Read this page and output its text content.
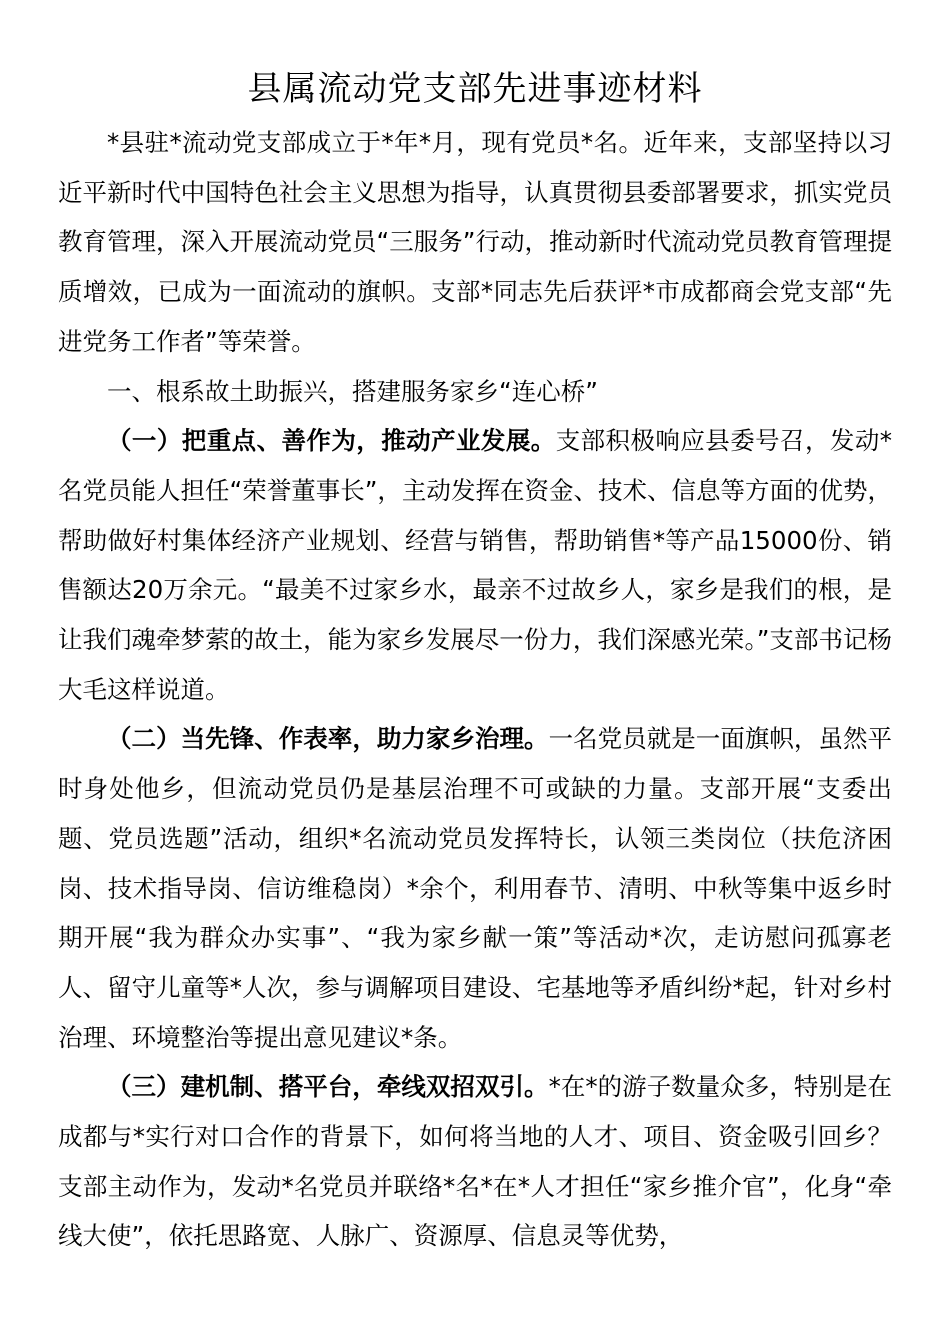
县属流动党支部先进事迹材料

*县驻*流动党支部成立于*年*月，现有党员*名。近年来，支部坚持以习近平新时代中国特色社会主义思想为指导，认真贯彻县委部署要求，抓实党员教育管理，深入开展流动党员“三服务”行动，推动新时代流动党员教育管理提质增效，已成为一面流动的旗帜。支部*同志先后获评*市成都商会党支部“先进党务工作者”等荣誉。

一、根系故土助振兴，搭建服务家乡“连心桥”

（一）把重点、善作为，推动产业发展。支部积极响应县委号召，发动*名党员能人担任“荣誉董事长”，主动发挥在资金、技术、信息等方面的优势，帮助做好村集体经济产业规划、经营与销售，帮助销售*等产品15000份、销售额达20万余元。“最美不过家乡水，最亲不过故乡人，家乡是我们的根，是让我们魂牵梦萦的故土，能为家乡发展尽一份力，我们深感光荣。”支部书记杨大毛这样说道。

（二）当先锋、作表率，助力家乡治理。一名党员就是一面旗帜，虽然平时身处他乡，但流动党员仍是基层治理不可或缺的力量。支部开展“支委出题、党员选题”活动，组织*名流动党员发挥特长，认领三类岗位（扶危济困岗、技术指导岗、信访维稳岗）*余个，利用春节、清明、中秋等集中返乡时期开展“我为群众办实事”、“我为家乡献一策”等活动*次，走访慰问孤寡老人、留守儿童等*人次，参与调解项目建设、宅基地等矛盾纠纷*起，针对乡村治理、环境整治等提出意见建议*条。

（三）建机制、搭平台，牵线双招双引。*在*的游子数量众多，特别是在成都与*实行对口合作的背景下，如何将当地的人才、项目、资金吸引回乡？支部主动作为，发动*名党员并联络*名*在*人才担任“家乡推介官”，化身“牵线大使”，依托思路宽、人脉广、资源厚、信息灵等优势，
